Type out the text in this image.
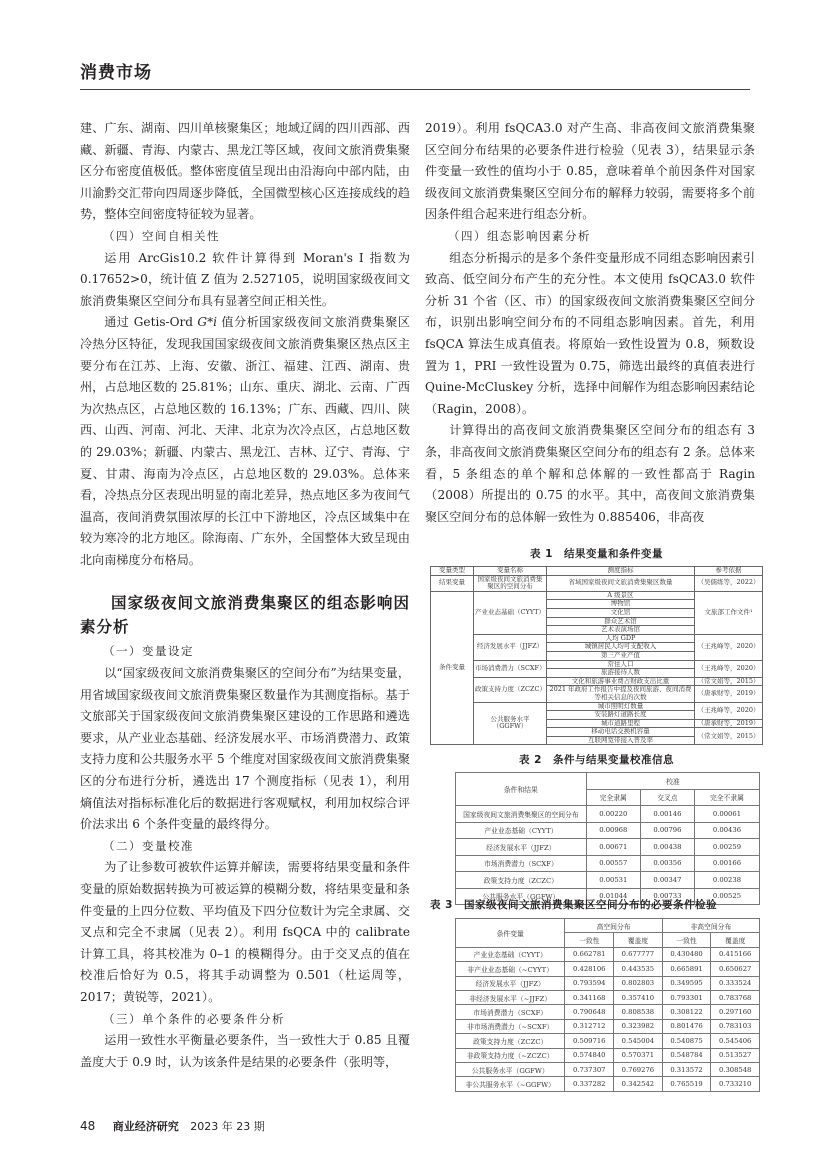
消费市场

建、广东、湖南、四川单核聚集区；地域辽阔的四川西部、西藏、新疆、青海、内蒙古、黑龙江等区域，夜间文旅消费集聚区分布密度值极低。整体密度值呈现出由沿海向中部内陆，由川渝黔交汇带向四周逐步降低，全国微型核心区连接成线的趋势，整体空间密度特征较为显著。

（四）空间自相关性

运用 ArcGis10.2 软件计算得到 Moran's I 指数为 0.17652>0，统计值 Z 值为 2.527105，说明国家级夜间文旅消费集聚区空间分布具有显著空间正相关性。

通过 Getis-Ord G*i 值分析国家级夜间文旅消费集聚区冷热分区特征，发现我国国家级夜间文旅消费集聚区热点区主要分布在江苏、上海、安徽、浙江、福建、江西、湖南、贵州，占总地区数的 25.81%；山东、重庆、湖北、云南、广西为次热点区，占总地区数的 16.13%；广东、西藏、四川、陕西、山西、河南、河北、天津、北京为次冷点区，占总地区数的 29.03%；新疆、内蒙古、黑龙江、吉林、辽宁、青海、宁夏、甘肃、海南为冷点区，占总地区数的 29.03%。总体来看，冷热点分区表现出明显的南北差异，热点地区多为夜间气温高，夜间消费氛围浓厚的长江中下游地区，冷点区域集中在较为寒冷的北方地区。除海南、广东外，全国整体大致呈现由北向南梯度分布格局。

国家级夜间文旅消费集聚区的组态影响因素分析
（一）变量设定

以“国家级夜间文旅消费集聚区的空间分布”为结果变量，用省域国家级夜间文旅消费集聚区数量作为其测度指标。基于文旅部关于国家级夜间文旅消费集聚区建设的工作思路和遴选要求，从产业业态基础、经济发展水平、市场消费潜力、政策支持力度和公共服务水平 5 个维度对国家级夜间文旅消费集聚区的分布进行分析，遴选出 17 个测度指标（见表 1），利用熵值法对指标标准化后的数据进行客观赋权，利用加权综合评价法求出 6 个条件变量的最终得分。

（二）变量校准

为了让参数可被软件运算并解读，需要将结果变量和条件变量的原始数据转换为可被运算的模糊分数，将结果变量和条件变量的上四分位数、平均值及下四分位数计为完全隶属、交叉点和完全不隶属（见表 2）。利用 fsQCA 中的 calibrate 计算工具，将其校准为 0–1 的模糊得分。由于交叉点的值在校准后恰好为 0.5，将其手动调整为 0.501（杜运周等，2017；黄锐等，2021）。

（三）单个条件的必要条件分析

运用一致性水平衡量必要条件，当一致性大于 0.85 且覆盖度大于 0.9 时，认为该条件是结果的必要条件（张明等，

2019）。利用 fsQCA3.0 对产生高、非高夜间文旅消费集聚区空间分布结果的必要条件进行检验（见表 3），结果显示条件变量一致性的值均小于 0.85，意味着单个前因条件对国家级夜间文旅消费集聚区空间分布的解释力较弱，需要将多个前因条件组合起来进行组态分析。

（四）组态影响因素分析

组态分析揭示的是多个条件变量形成不同组态影响因素引致高、低空间分布产生的充分性。本文使用 fsQCA3.0 软件分析 31 个省（区、市）的国家级夜间文旅消费集聚区空间分布，识别出影响空间分布的不同组态影响因素。首先，利用 fsQCA 算法生成真值表。将原始一致性设置为 0.8，频数设置为 1，PRI 一致性设置为 0.75，筛选出最终的真值表进行 Quine-McCluskey 分析，选择中间解作为组态影响因素结论（Ragin，2008）。

计算得出的高夜间文旅消费集聚区空间分布的组态有 3 条，非高夜间文旅消费集聚区空间分布的组态有 2 条。总体来看，5 条组态的单个解和总体解的一致性都高于 Ragin（2008）所提出的 0.75 的水平。其中，高夜间文旅消费集聚区空间分布的总体解一致性为 0.885406，非高夜

表 1　结果变量和条件变量
变量类型	变量名称	测度指标	参考依据
结果变量	国家级夜间文旅消费集聚区的空间分布	省域国家级夜间文旅消费集聚区数量	（吴儒练等，2022）
条件变量	产业业态基础（CYYT）	A 级景区	文旅部工作文件¹
		博物馆	
		文化馆	
		群众艺术馆	
		艺术表演场馆	
	经济发展水平（JJFZ）	人均 GDP	（王兆峰等，2020）
		城镇居民人均可支配收入	
		第三产业产值	
	市场消费潜力（SCXF）	常住人口	（王兆峰等，2020）
		旅游接待人数	
	政策支持力度（ZCZC）	文化和旅游事业费占财政支出比重	（常文娟等，2015）
		2021 年政府工作报告中提及夜间旅游、夜间消费等相关信息的次数	（唐承财等，2019）
	公共服务水平（GGFW）	城市照明灯数量	（王兆峰等，2020）
		安装路灯道路长度	
		城市道路里程	（唐承财等，2019）
		移动电话交换机容量	（常文娟等，2015）
		互联网宽带接入普及率	
表 2　条件与结果变量校准信息
条件和结果	校准		
	完全隶属	交叉点	完全不隶属
国家级夜间文旅消费集聚区的空间分布	0.00220	0.00146	0.00061
产业业态基础（CYYT）	0.00968	0.00796	0.00436
经济发展水平（JJFZ）	0.00671	0.00438	0.00259
市场消费潜力（SCXF）	0.00557	0.00356	0.00166
政策支持力度（ZCZC）	0.00531	0.00347	0.00238
公共服务水平（GGFW）	0.01044	0.00733	0.00525
表 3　国家级夜间文旅消费集聚区空间分布的必要条件检验
条件变量	高空间分布		非高空间分布	
	一致性	覆盖度	一致性	覆盖度
产业业态基础（CYYT）	0.662781	0.677777	0.430480	0.415166
非产业业态基础（~CYYT）	0.428106	0.443535	0.665891	0.650627
经济发展水平（JJFZ）	0.793594	0.802803	0.349595	0.333524
非经济发展水平（~JJFZ）	0.341168	0.357410	0.793301	0.783768
市场消费潜力（SCXF）	0.790648	0.808538	0.308122	0.297160
非市场消费潜力（~SCXF）	0.312712	0.323982	0.801476	0.783103
政策支持力度（ZCZC）	0.509716	0.545004	0.540875	0.545406
非政策支持力度（~ZCZC）	0.574840	0.570371	0.548784	0.513527
公共服务水平（GGFW）	0.737307	0.769276	0.313572	0.308548
非公共服务水平（~GGFW）	0.337282	0.342542	0.765519	0.733210
48 商业经济研究 2023 年 23 期
